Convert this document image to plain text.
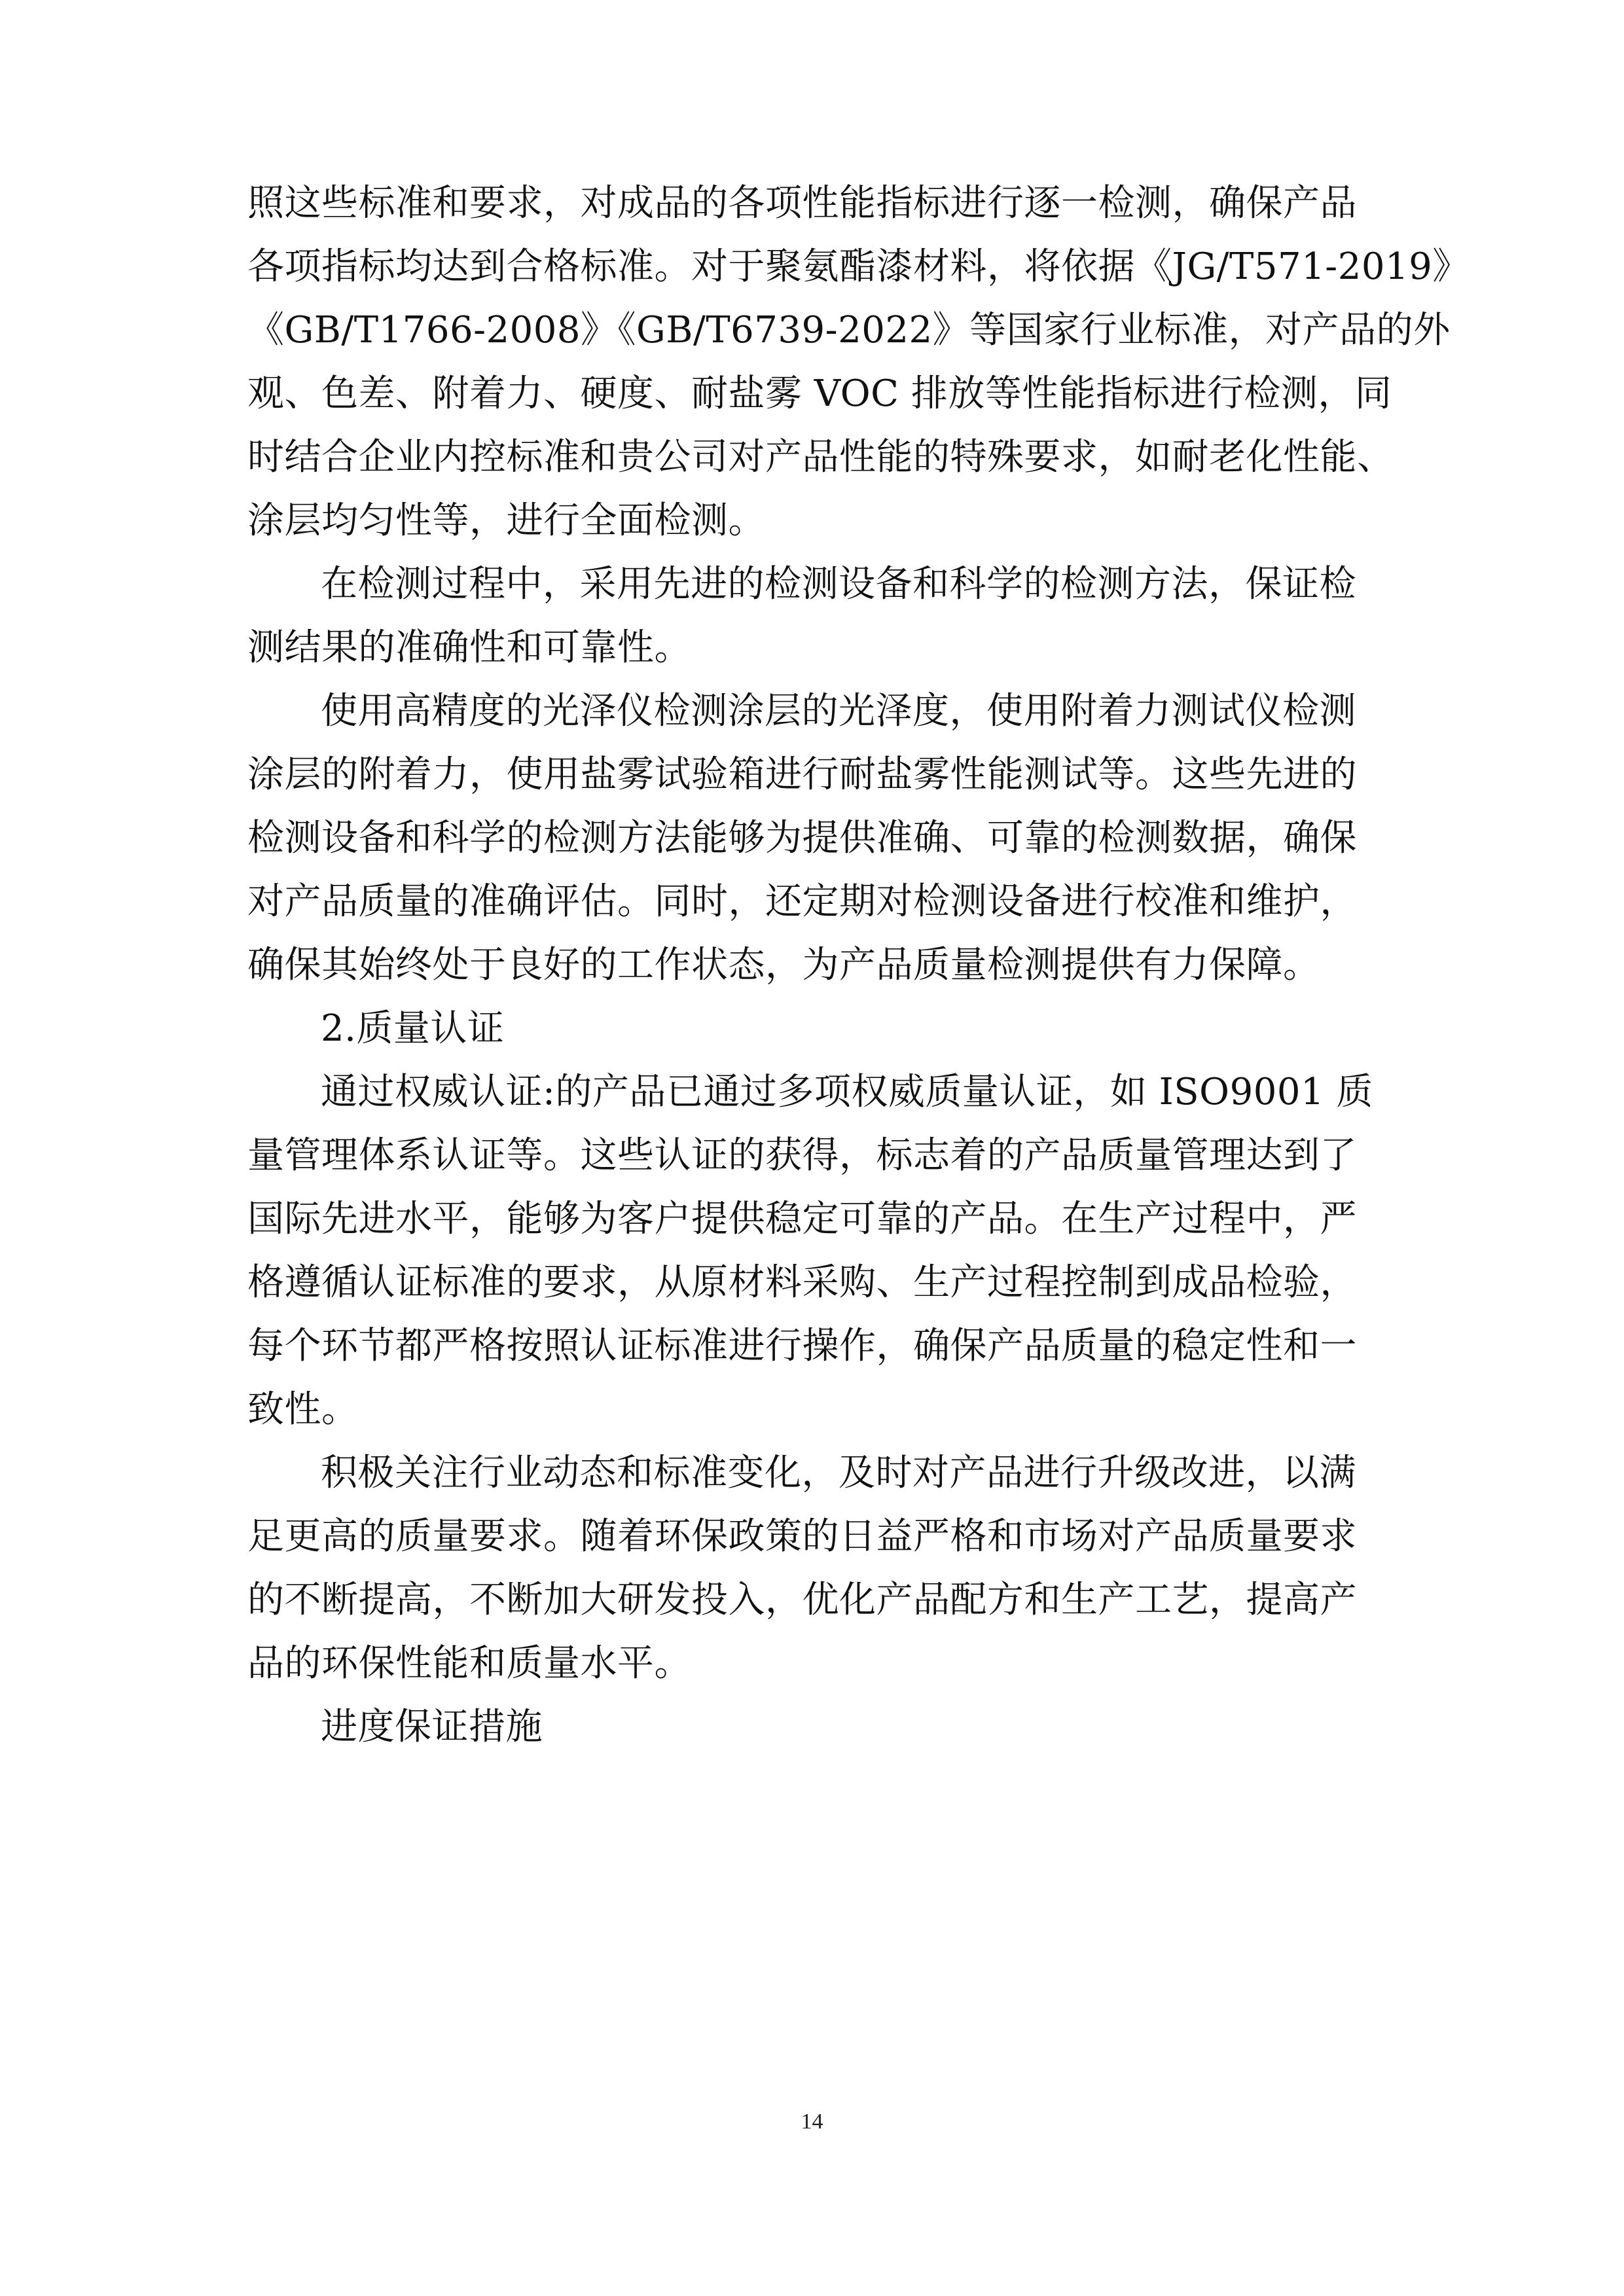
照这些标准和要求，对成品的各项性能指标进行逐一检测，确保产品
各项指标均达到合格标准。对于聚氨酯漆材料，将依据《JG/T571-2019》
《GB/T1766-2008》《GB/T6739-2022》等国家行业标准，对产品的外
观、色差、附着力、硬度、耐盐雾 VOC 排放等性能指标进行检测，同
时结合企业内控标准和贵公司对产品性能的特殊要求，如耐老化性能、
涂层均匀性等，进行全面检测。
在检测过程中，采用先进的检测设备和科学的检测方法，保证检
测结果的准确性和可靠性。
使用高精度的光泽仪检测涂层的光泽度，使用附着力测试仪检测
涂层的附着力，使用盐雾试验箱进行耐盐雾性能测试等。这些先进的
检测设备和科学的检测方法能够为提供准确、可靠的检测数据，确保
对产品质量的准确评估。同时，还定期对检测设备进行校准和维护，
确保其始终处于良好的工作状态，为产品质量检测提供有力保障。
2.质量认证
通过权威认证:的产品已通过多项权威质量认证，如 ISO9001 质
量管理体系认证等。这些认证的获得，标志着的产品质量管理达到了
国际先进水平，能够为客户提供稳定可靠的产品。在生产过程中，严
格遵循认证标准的要求，从原材料采购、生产过程控制到成品检验，
每个环节都严格按照认证标准进行操作，确保产品质量的稳定性和一
致性。
积极关注行业动态和标准变化，及时对产品进行升级改进，以满
足更高的质量要求。随着环保政策的日益严格和市场对产品质量要求
的不断提高，不断加大研发投入，优化产品配方和生产工艺，提高产
品的环保性能和质量水平。
进度保证措施
14
